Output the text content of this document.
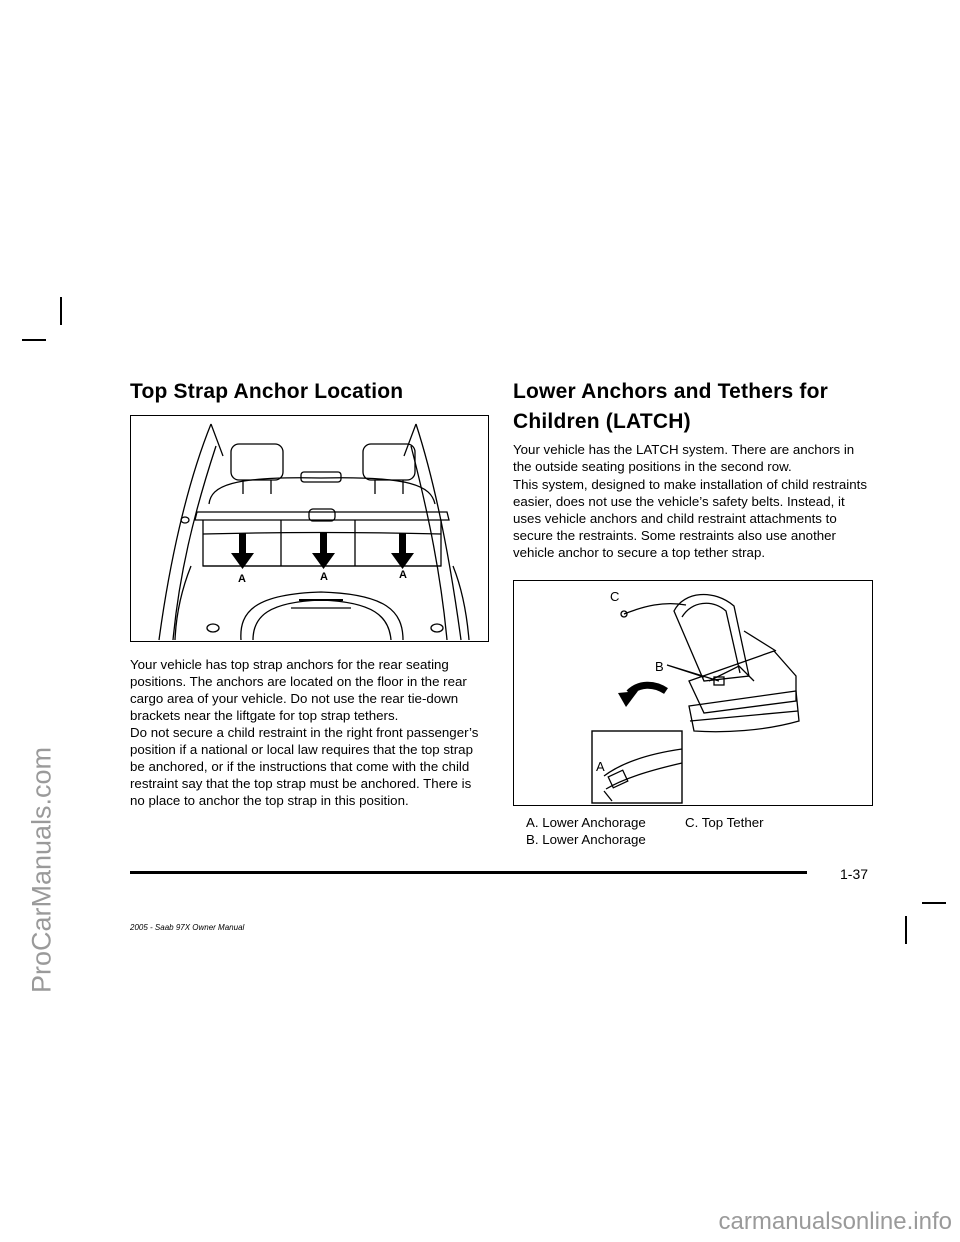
ProCarManuals.com
carmanualsonline.info
Top Strap Anchor Location
A	A	A

Your vehicle has top strap anchors for the rear seating positions. The anchors are located on the floor in the rear cargo area of your vehicle. Do not use the rear tie-down brackets near the liftgate for top strap tethers.

Do not secure a child restraint in the right front passenger’s position if a national or local law requires that the top strap be anchored, or if the instructions that come with the child restraint say that the top strap must be anchored. There is no place to anchor the top strap in this position.

Lower Anchors and Tethers for
Children (LATCH)

Your vehicle has the LATCH system. There are anchors in the outside seating positions in the second row.

This system, designed to make installation of child restraints easier, does not use the vehicle’s safety belts. Instead, it uses vehicle anchors and child restraint attachments to secure the restraints. Some restraints also use another vehicle anchor to secure a top tether strap.

C
B
A
A. Lower Anchorage	C. Top Tether
B. Lower Anchorage
1-37
2005 - Saab 97X Owner Manual
